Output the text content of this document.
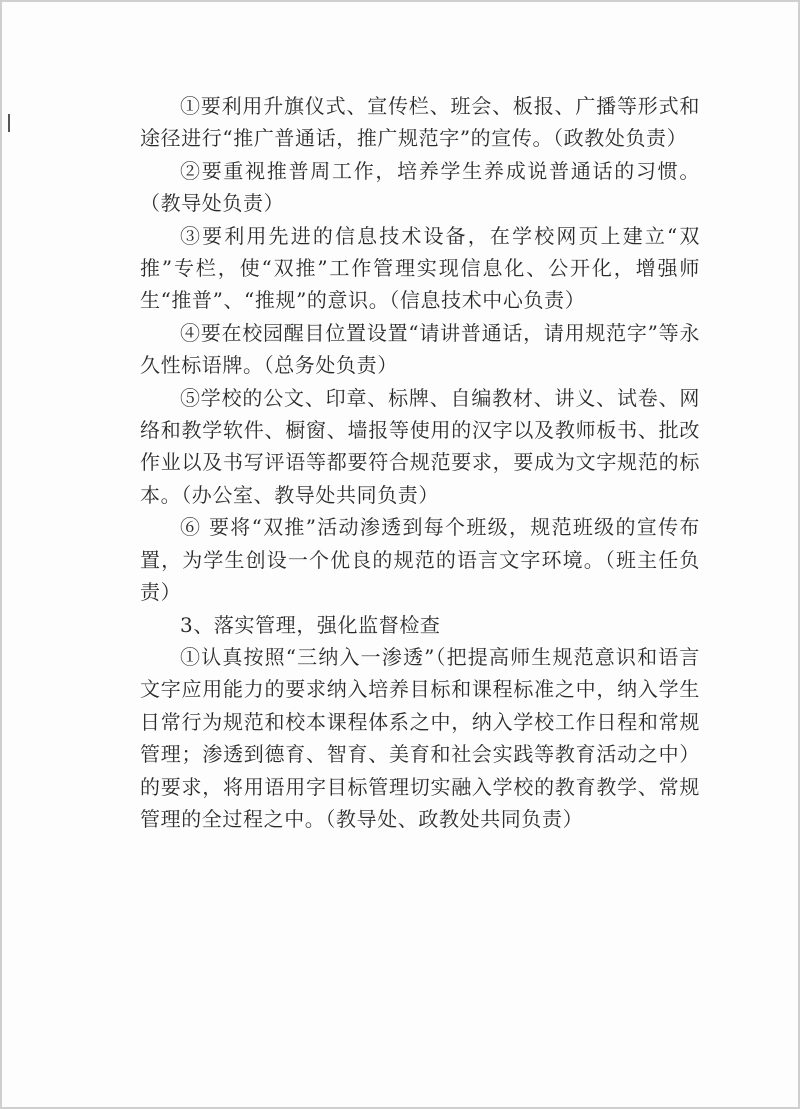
①要利用升旗仪式、宣传栏、班会、板报、广播等形式和途径进行“推广普通话，推广规范字”的宣传。（政教处负责）

②要重视推普周工作，培养学生养成说普通话的习惯。（教导处负责）

③要利用先进的信息技术设备，在学校网页上建立“双推”专栏，使“双推”工作管理实现信息化、公开化，增强师生“推普”、“推规”的意识。（信息技术中心负责）

④要在校园醒目位置设置“请讲普通话，请用规范字”等永久性标语牌。（总务处负责）

⑤学校的公文、印章、标牌、自编教材、讲义、试卷、网络和教学软件、橱窗、墙报等使用的汉字以及教师板书、批改作业以及书写评语等都要符合规范要求，要成为文字规范的标本。（办公室、教导处共同负责）

⑥ 要将“双推”活动渗透到每个班级，规范班级的宣传布置，为学生创设一个优良的规范的语言文字环境。（班主任负责）

3、落实管理，强化监督检查

①认真按照“三纳入一渗透”（把提高师生规范意识和语言文字应用能力的要求纳入培养目标和课程标准之中，纳入学生日常行为规范和校本课程体系之中，纳入学校工作日程和常规管理；渗透到德育、智育、美育和社会实践等教育活动之中）的要求，将用语用字目标管理切实融入学校的教育教学、常规管理的全过程之中。（教导处、政教处共同负责）
